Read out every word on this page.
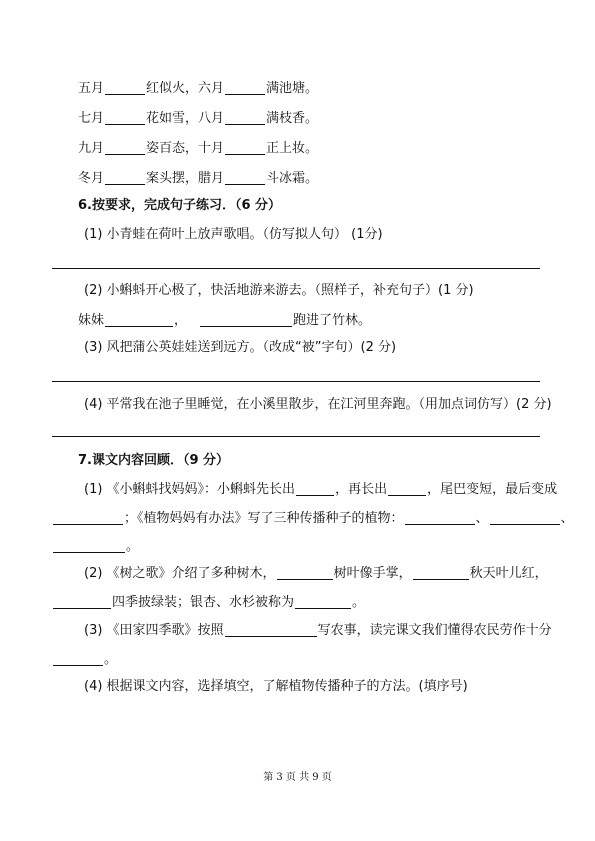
五月	红似火，六月	满池塘。
七月	花如雪，八月	满枝香。
九月	姿百态，十月	正上妆。
冬月	案头摆，腊月	斗冰霜。
6.按要求，完成句子练习．（6 分）
(1) 小青蛙在荷叶上放声歌唱。（仿写拟人句） (1分)
(2) 小蝌蚪开心极了，快活地游来游去。（照样子，补充句子）(1 分)
妹妹	，	跑进了竹林。
(3) 风把蒲公英娃娃送到远方。（改成“被”字句）(2 分)
(4) 平常我在池子里睡觉，在小溪里散步，在江河里奔跑。（用加点词仿写）(2 分)
7.课文内容回顾．（9 分）
(1) 《小蝌蚪找妈妈》：小蝌蚪先长出	，再长出	，尾巴变短，最后变成
；《植物妈妈有办法》写了三种传播种子的植物：	、	、
。
(2) 《树之歌》介绍了多种树木，	树叶像手掌，	秋天叶儿红，
四季披绿装；银杏、水杉被称为	。
(3) 《田家四季歌》按照	写农事，读完课文我们懂得农民劳作十分
。
(4) 根据课文内容，选择填空，了解植物传播种子的方法。(填序号)
第 3 页 共 9 页
